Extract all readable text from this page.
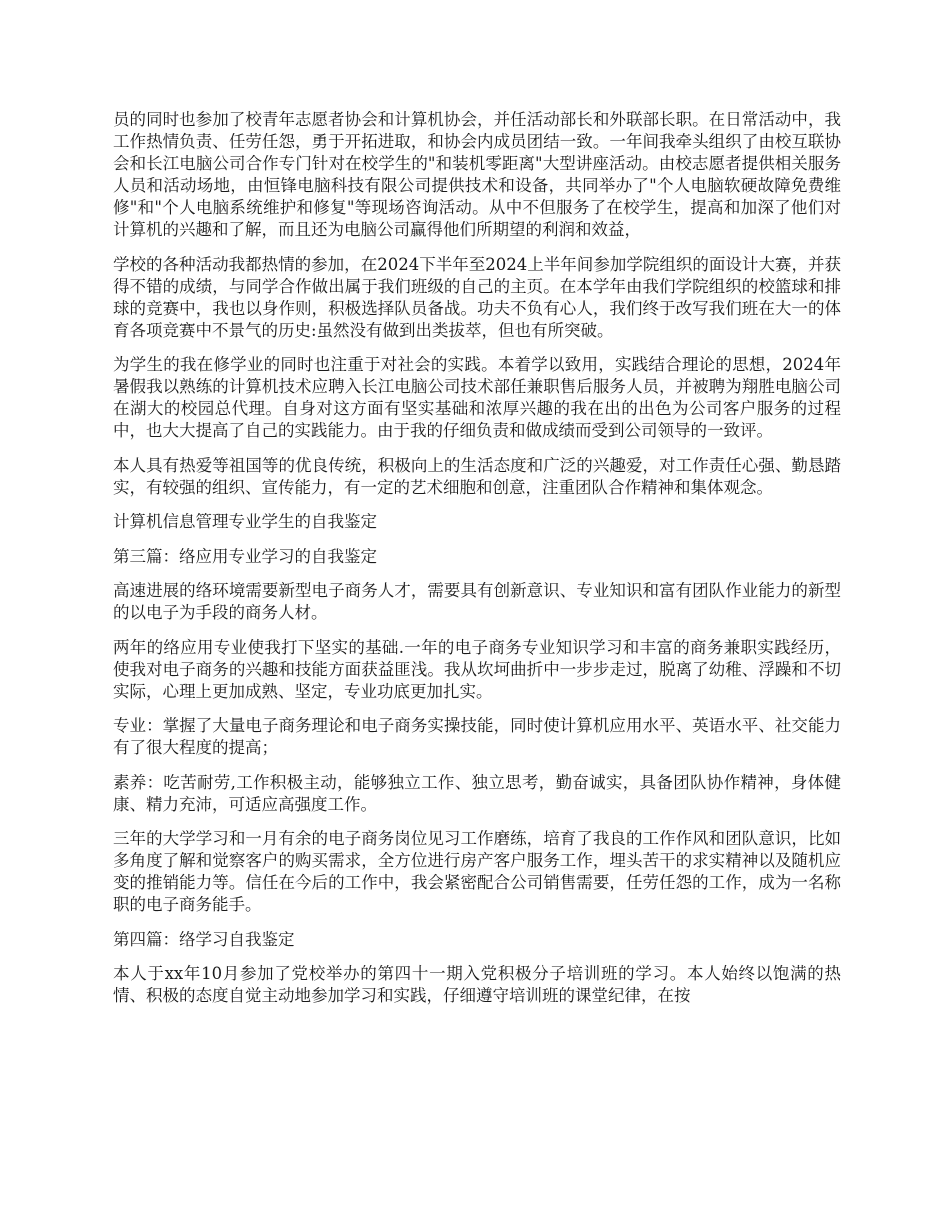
员的同时也参加了校青年志愿者协会和计算机协会，并任活动部长和外联部长职。在日常活动中，我工作热情负责、任劳任怨，勇于开拓进取，和协会内成员团结一致。一年间我牵头组织了由校互联协会和长江电脑公司合作专门针对在校学生的"和装机零距离"大型讲座活动。由校志愿者提供相关服务人员和活动场地，由恒锋电脑科技有限公司提供技术和设备，共同举办了"个人电脑软硬故障免费维修"和"个人电脑系统维护和修复"等现场咨询活动。从中不但服务了在校学生，提高和加深了他们对计算机的兴趣和了解，而且还为电脑公司赢得他们所期望的利润和效益，

学校的各种活动我都热情的参加，在2024下半年至2024上半年间参加学院组织的面设计大赛，并获得不错的成绩，与同学合作做出属于我们班级的自己的主页。在本学年由我们学院组织的校篮球和排球的竞赛中，我也以身作则，积极选择队员备战。功夫不负有心人，我们终于改写我们班在大一的体育各项竞赛中不景气的历史:虽然没有做到出类拔萃，但也有所突破。

为学生的我在修学业的同时也注重于对社会的实践。本着学以致用，实践结合理论的思想，2024年暑假我以熟练的计算机技术应聘入长江电脑公司技术部任兼职售后服务人员，并被聘为翔胜电脑公司在湖大的校园总代理。自身对这方面有坚实基础和浓厚兴趣的我在出的出色为公司客户服务的过程中，也大大提高了自己的实践能力。由于我的仔细负责和做成绩而受到公司领导的一致评。

本人具有热爱等祖国等的优良传统，积极向上的生活态度和广泛的兴趣爱，对工作责任心强、勤恳踏实，有较强的组织、宣传能力，有一定的艺术细胞和创意，注重团队合作精神和集体观念。

计算机信息管理专业学生的自我鉴定

第三篇：络应用专业学习的自我鉴定

高速进展的络环境需要新型电子商务人才，需要具有创新意识、专业知识和富有团队作业能力的新型的以电子为手段的商务人材。

两年的络应用专业使我打下坚实的基础.一年的电子商务专业知识学习和丰富的商务兼职实践经历，使我对电子商务的兴趣和技能方面获益匪浅。我从坎坷曲折中一步步走过，脱离了幼稚、浮躁和不切实际，心理上更加成熟、坚定，专业功底更加扎实。

专业：掌握了大量电子商务理论和电子商务实操技能，同时使计算机应用水平、英语水平、社交能力有了很大程度的提高；

素养：吃苦耐劳,工作积极主动，能够独立工作、独立思考，勤奋诚实，具备团队协作精神，身体健康、精力充沛，可适应高强度工作。

三年的大学学习和一月有余的电子商务岗位见习工作磨练，培育了我良的工作作风和团队意识，比如多角度了解和觉察客户的购买需求，全方位进行房产客户服务工作，埋头苦干的求实精神以及随机应变的推销能力等。信任在今后的工作中，我会紧密配合公司销售需要，任劳任怨的工作，成为一名称职的电子商务能手。

第四篇：络学习自我鉴定

本人于xx年10月参加了党校举办的第四十一期入党积极分子培训班的学习。本人始终以饱满的热情、积极的态度自觉主动地参加学习和实践，仔细遵守培训班的课堂纪律，在按
